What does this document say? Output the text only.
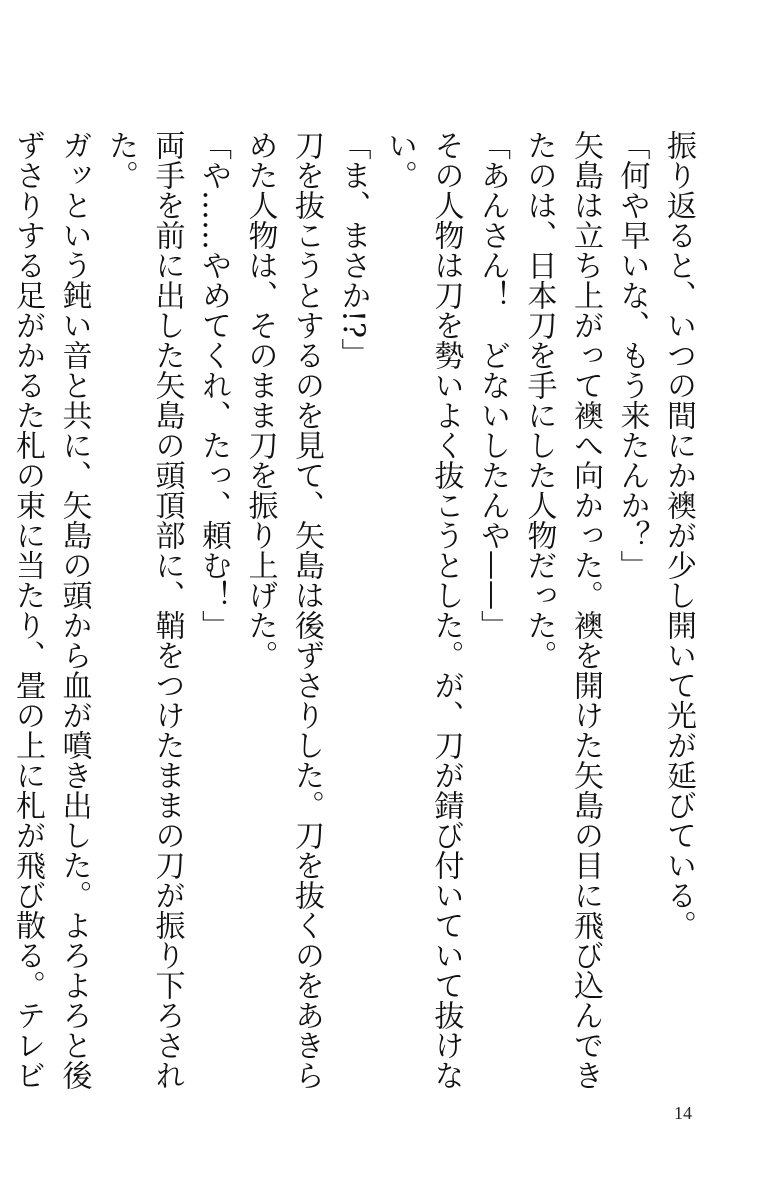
振り返ると、いつの間にか襖が少し開いて光が延びている。

「何や早いな、もう来たんか？」

矢島は立ち上がって襖へ向かった。襖を開けた矢島の目に飛び込んできたのは、日本刀を手にした人物だった。

「あんさん！　どないしたんや——」

その人物は刀を勢いよく抜こうとした。が、刀が錆び付いていて抜けない。

「ま、まさか!?」

刀を抜こうとするのを見て、矢島は後ずさりした。刀を抜くのをあきらめた人物は、そのまま刀を振り上げた。

「や……やめてくれ、たっ、頼む！」

両手を前に出した矢島の頭頂部に、鞘をつけたままの刀が振り下ろされた。

ガッという鈍い音と共に、矢島の頭から血が噴き出した。よろよろと後ずさりする足がかるた札の束に当たり、畳の上に札が飛び散る。テレビ

14
